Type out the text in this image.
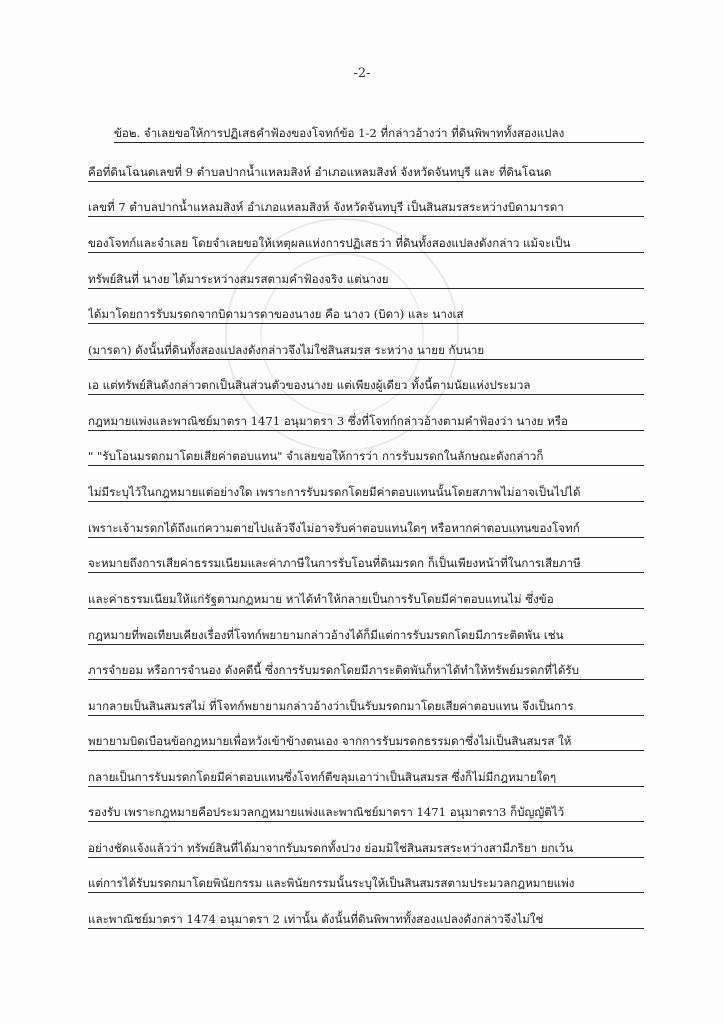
-2-
ข้อ๒. จำเลยขอให้การปฏิเสธคำฟ้องของโจทก์ข้อ 1-2 ที่กล่าวอ้างว่า ที่ดินพิพาททั้งสองแปลง
คือที่ดินโฉนดเลขที่ 9 ตำบลปากน้ำแหลมสิงห์ อำเภอแหลมสิงห์ จังหวัดจันทบุรี และ ที่ดินโฉนด
เลขที่ 7 ตำบลปากน้ำแหลมสิงห์ อำเภอแหลมสิงห์ จังหวัดจันทบุรี เป็นสินสมรสระหว่างบิดามารดา
ของโจทก์และจำเลย โดยจำเลยขอให้เหตุผลแห่งการปฏิเสธว่า ที่ดินทั้งสองแปลงดังกล่าว แม้จะเป็น
ทรัพย์สินที่ นางย ได้มาระหว่างสมรสตามคำฟ้องจริง แต่นางย
ได้มาโดยการรับมรดกจากบิดามารดาของนางย คือ นางว (บิดา) และ นางเส
(มารดา) ดังนั้นที่ดินทั้งสองแปลงดังกล่าวจึงไม่ใช่สินสมรส ระหว่าง นายย กับนาย
เอ แต่ทรัพย์สินดังกล่าวตกเป็นสินส่วนตัวของนางย แต่เพียงผู้เดียว ทั้งนี้ตามนัยแห่งประมวล
กฎหมายแพ่งและพาณิชย์มาตรา 1471 อนุมาตรา 3 ซึ่งที่โจทก์กล่าวอ้างตามคำฟ้องว่า นางย หรือ
" "รับโอนมรดกมาโดยเสียค่าตอบแทน" จำเลยขอให้การว่า การรับมรดกในลักษณะดังกล่าวก็
ไม่มีระบุไว้ในกฎหมายแต่อย่างใด เพราะการรับมรดกโดยมีค่าตอบแทนนั้นโดยสภาพไม่อาจเป็นไปได้
เพราะเจ้ามรดกได้ถึงแก่ความตายไปแล้วจึงไม่อาจรับค่าตอบแทนใดๆ หรือหากค่าตอบแทนของโจทก์
จะหมายถึงการเสียค่าธรรมเนียมและค่าภาษีในการรับโอนที่ดินมรดก ก็เป็นเพียงหน้าที่ในการเสียภาษี
และค่าธรรมเนียมให้แก่รัฐตามกฎหมาย หาได้ทำให้กลายเป็นการรับโดยมีค่าตอบแทนไม่ ซึ่งข้อ
กฎหมายที่พอเทียบเคียงเรื่องที่โจทก์พยายามกล่าวอ้างได้ก็มีแต่การรับมรดกโดยมีภาระติดพัน เช่น
ภารจำยอม หรือการจำนอง ดังคดีนี้ ซึ่งการรับมรดกโดยมีภาระติดพันก็หาได้ทำให้ทรัพย์มรดกที่ได้รับ
มากลายเป็นสินสมรสไม่ ที่โจทก์พยายามกล่าวอ้างว่าเป็นรับมรดกมาโดยเสียค่าตอบแทน จึงเป็นการ
พยายามบิดเบือนข้อกฎหมายเพื่อหวังเข้าข้างตนเอง จากการรับมรดกธรรมดาซึ่งไม่เป็นสินสมรส ให้
กลายเป็นการรับมรดกโดยมีค่าตอบแทนซึ่งโจทก์ตีขลุมเอาว่าเป็นสินสมรส ซึ่งก็ไม่มีกฎหมายใดๆ
รองรับ เพราะกฎหมายคือประมวลกฎหมายแพ่งและพาณิชย์มาตรา 1471 อนุมาตรา3 ก็บัญญัติไว้
อย่างชัดแจ้งแล้วว่า ทรัพย์สินที่ได้มาจากรับมรดกทั้งปวง ย่อมมิใช่สินสมรสระหว่างสามีภริยา ยกเว้น
แต่การได้รับมรดกมาโดยพินัยกรรม และพินัยกรรมนั้นระบุให้เป็นสินสมรสตามประมวลกฎหมายแพ่ง
และพาณิชย์มาตรา 1474 อนุมาตรา 2 เท่านั้น ดังนั้นที่ดินพิพาททั้งสองแปลงดังกล่าวจึงไม่ใช่
